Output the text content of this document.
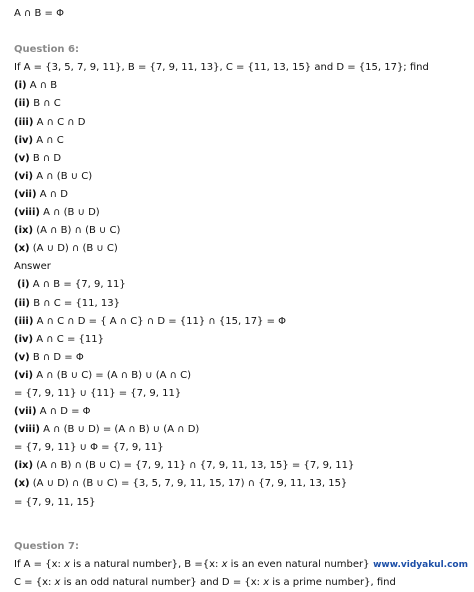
A ∩ B = Φ
Question 6:
If A = {3, 5, 7, 9, 11}, B = {7, 9, 11, 13}, C = {11, 13, 15} and D = {15, 17}; find
(i) A ∩ B
(ii) B ∩ C
(iii) A ∩ C ∩ D
(iv) A ∩ C
(v) B ∩ D
(vi) A ∩ (B ∪ C)
(vii) A ∩ D
(viii) A ∩ (B ∪ D)
(ix) (A ∩ B) ∩ (B ∪ C)
(x) (A ∪ D) ∩ (B ∪ C)
Answer
(i) A ∩ B = {7, 9, 11}
(ii) B ∩ C = {11, 13}
(iii) A ∩ C ∩ D = { A ∩ C} ∩ D = {11} ∩ {15, 17} = Φ
(iv) A ∩ C = {11}
(v) B ∩ D = Φ
(vi) A ∩ (B ∪ C) = (A ∩ B) ∪ (A ∩ C)
= {7, 9, 11} ∪ {11} = {7, 9, 11}
(vii) A ∩ D = Φ
(viii) A ∩ (B ∪ D) = (A ∩ B) ∪ (A ∩ D)
= {7, 9, 11} ∪ Φ = {7, 9, 11}
(ix) (A ∩ B) ∩ (B ∪ C) = {7, 9, 11} ∩ {7, 9, 11, 13, 15} = {7, 9, 11}
(x) (A ∪ D) ∩ (B ∪ C) = {3, 5, 7, 9, 11, 15, 17) ∩ {7, 9, 11, 13, 15}
= {7, 9, 11, 15}
Question 7:
If A = {x: x is a natural number}, B ={x: x is an even natural number}
C = {x: x is an odd natural number} and D = {x: x is a prime number}, find
www.vidyakul.com
